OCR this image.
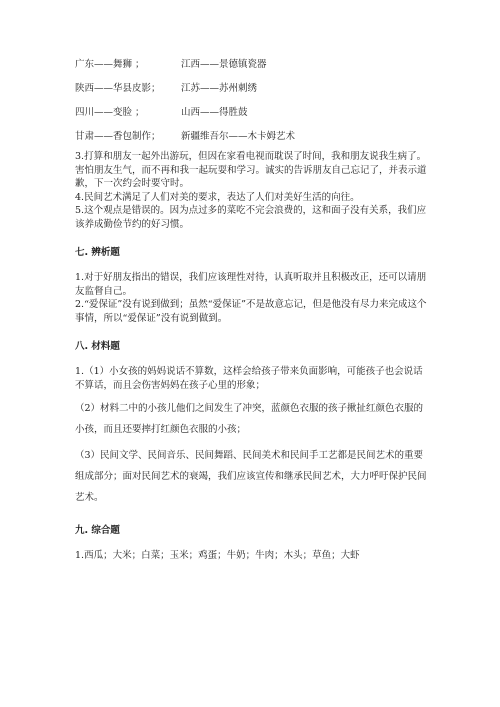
广东——舞狮 ；	江西——景德镇瓷器
陕西——华县皮影；	江苏——苏州刺绣
四川——变脸 ；	山西——得胜鼓
甘肃——香包制作；	新疆维吾尔——木卡姆艺术

3.打算和朋友一起外出游玩，但因在家看电视而耽误了时间，我和朋友说我生病了。害怕朋友生气，而不再和我一起玩耍和学习。诚实的告诉朋友自己忘记了，并表示道歉，下一次约会时要守时。

4.民间艺术满足了人们对美的要求，表达了人们对美好生活的向往。

5.这个观点是错误的。因为点过多的菜吃不完会浪费的，这和面子没有关系，我们应该养成勤俭节约的好习惯。

七. 辨析题

1.对于好朋友指出的错误，我们应该理性对待，认真听取并且积极改正，还可以请朋友监督自己。

2.“爱保证”没有说到做到；虽然“爱保证”不是故意忘记，但是他没有尽力来完成这个事情，所以“爱保证”没有说到做到。

八. 材料题

1.（1）小女孩的妈妈说话不算数，这样会给孩子带来负面影响，可能孩子也会说话不算话，而且会伤害妈妈在孩子心里的形象；

（2）材料二中的小孩儿他们之间发生了冲突，蓝颜色衣服的孩子揪扯红颜色衣服的小孩，而且还要摔打红颜色衣服的小孩；

（3）民间文学、民间音乐、民间舞蹈、民间美术和民间手工艺都是民间艺术的重要组成部分；面对民间艺术的衰竭，我们应该宣传和继承民间艺术，大力呼吁保护民间艺术。

九. 综合题

1.西瓜；大米；白菜；玉米；鸡蛋；牛奶；牛肉；木头；草鱼；大虾
